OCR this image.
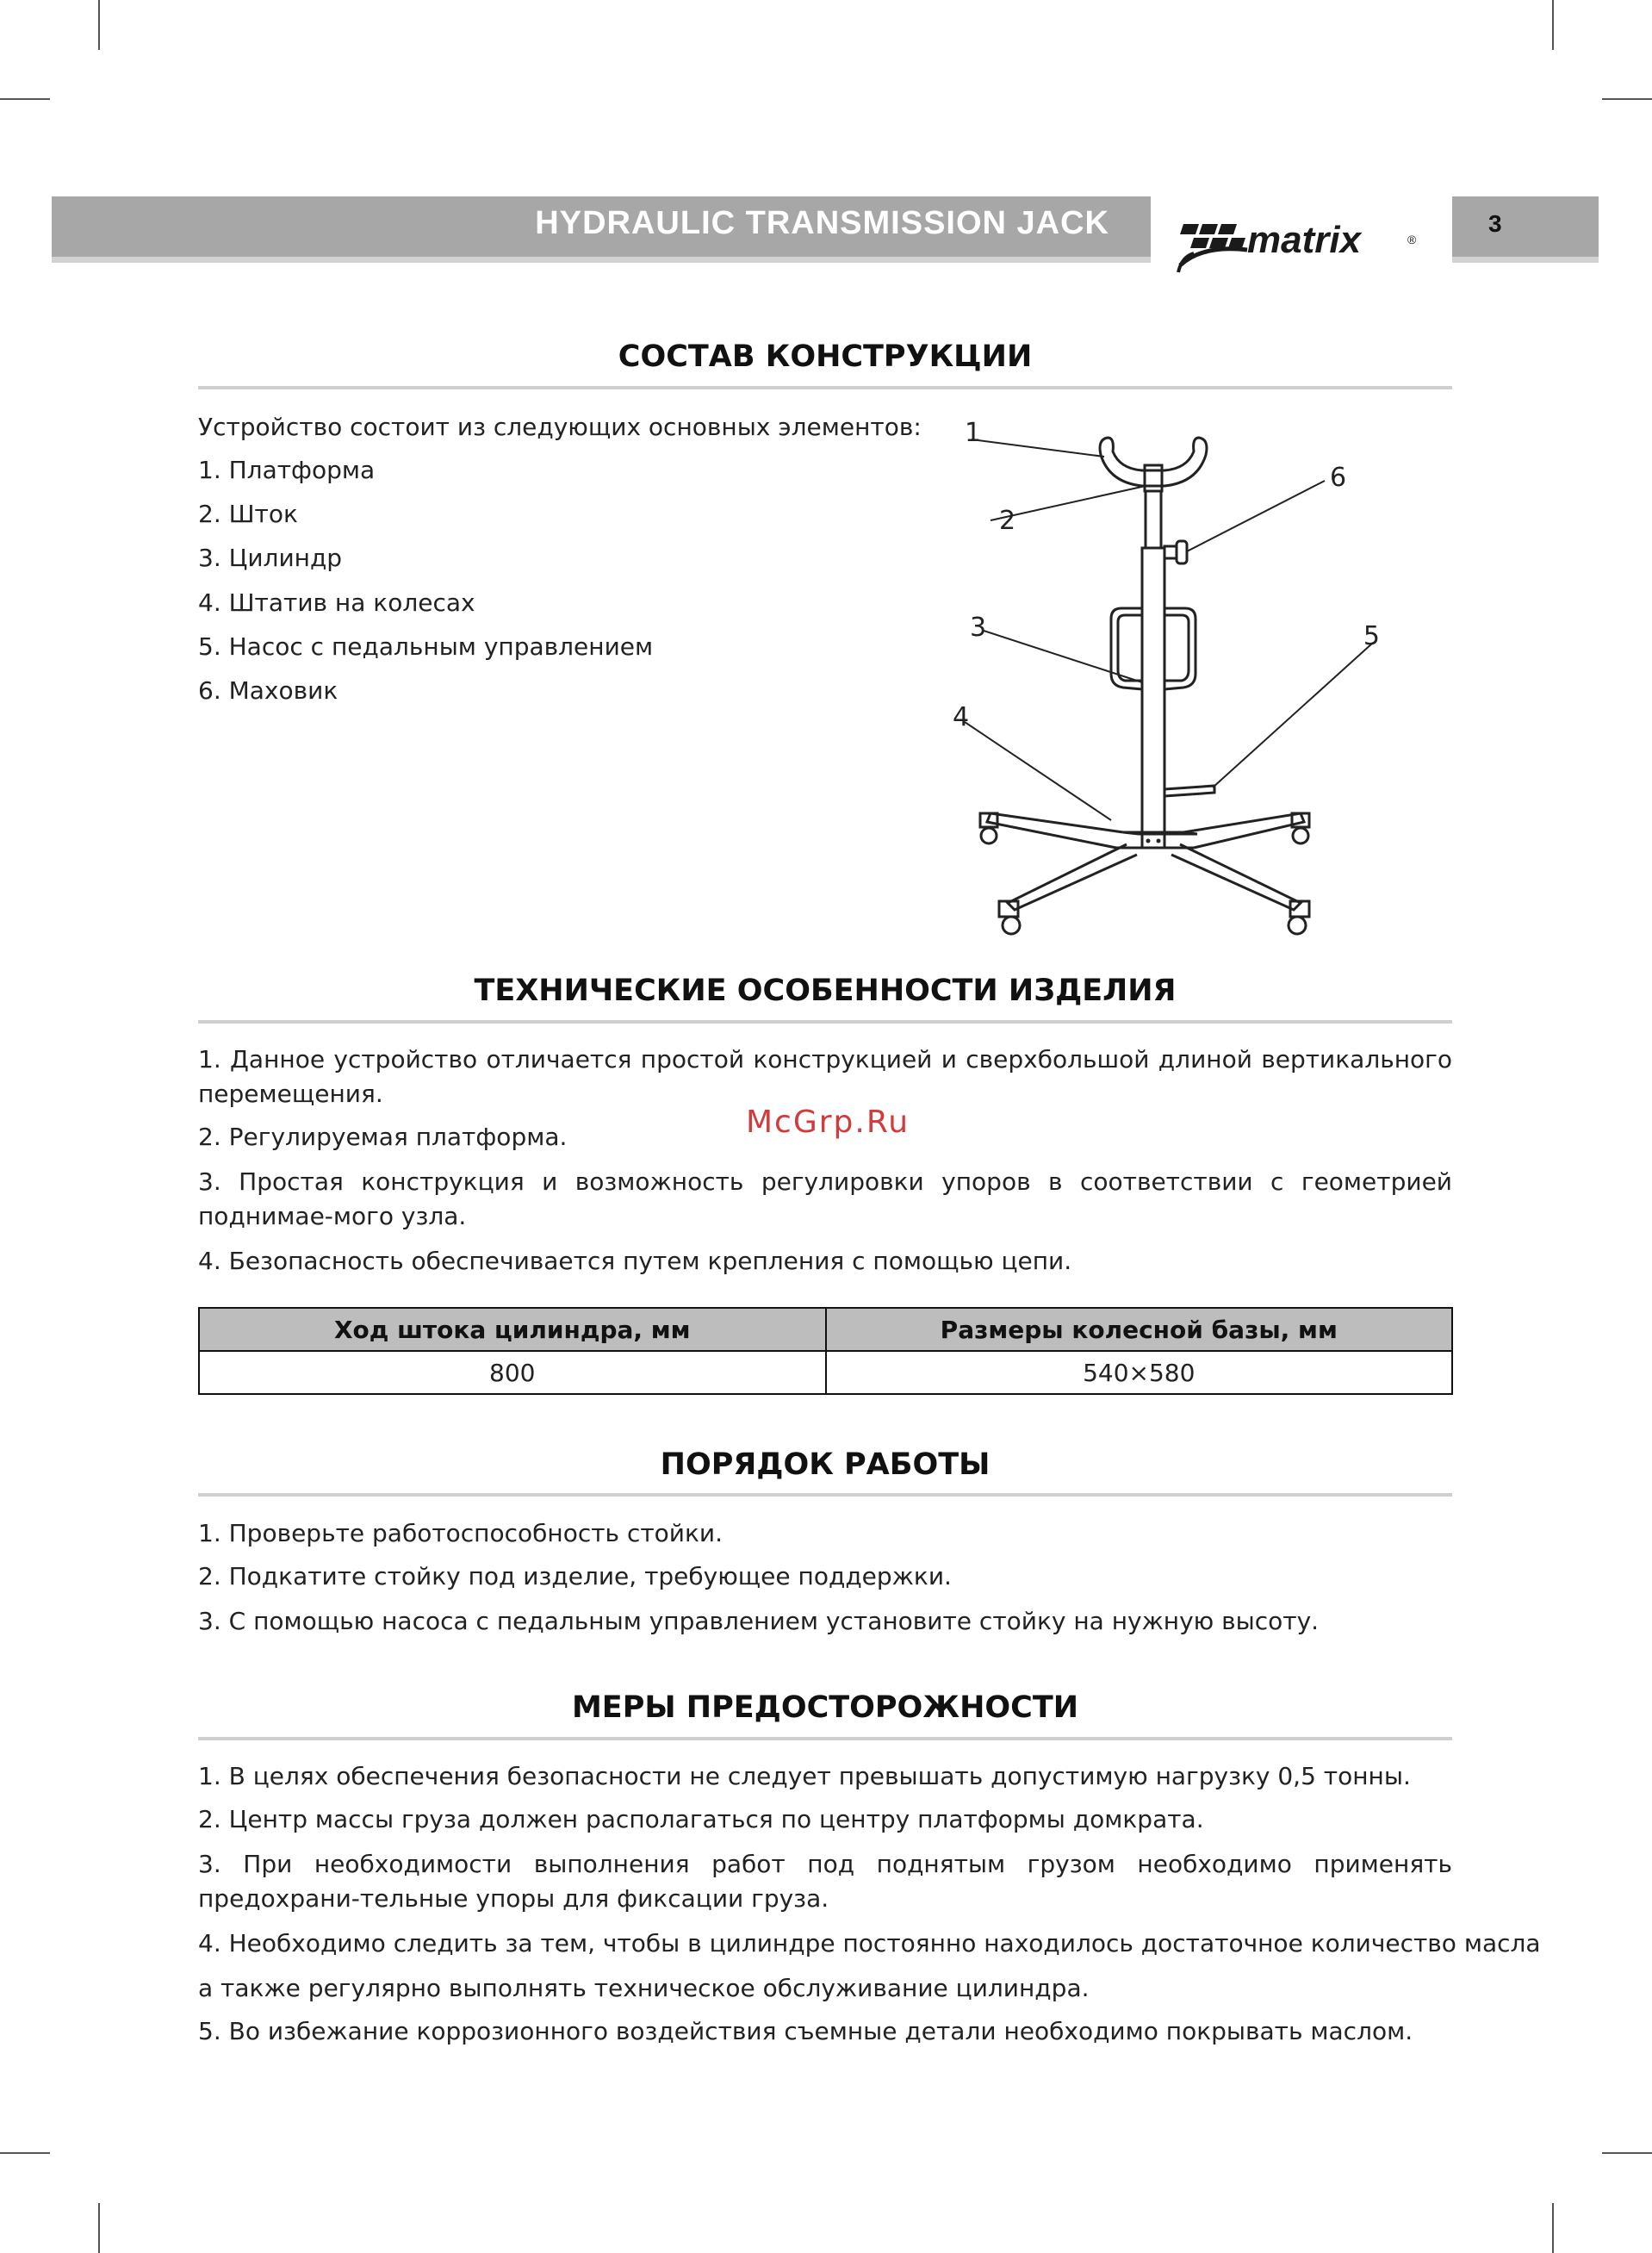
HYDRAULIC TRANSMISSION JACK	matrix	®
3
СОСТАВ КОНСТРУКЦИИ
Устройство состоит из следующих основных элементов:
1. Платформа
2. Шток
3. Цилиндр
4. Штатив на колесах
5. Насос с педальным управлением
6. Маховик
1
2
3
4
5
6
ТЕХНИЧЕСКИЕ ОСОБЕННОСТИ ИЗДЕЛИЯ
1. Данное устройство отличается простой конструкцией и сверхбольшой длиной вертикального перемещения.
2. Регулируемая платформа.
3. Простая конструкция и возможность регулировки упоров в соответствии с геометрией поднимае-мого узла.
4. Безопасность обеспечивается путем крепления с помощью цепи.
McGrp.Ru
Ход штока цилиндра, мм	Размеры колесной базы, мм
800	540×580
ПОРЯДОК РАБОТЫ
1. Проверьте работоспособность стойки.
2. Подкатите стойку под изделие, требующее поддержки.
3. С помощью насоса с педальным управлением установите стойку на нужную высоту.
МЕРЫ ПРЕДОСТОРОЖНОСТИ
1. В целях обеспечения безопасности не следует превышать допустимую нагрузку 0,5 тонны.
2. Центр массы груза должен располагаться по центру платформы домкрата.
3. При необходимости выполнения работ под поднятым грузом необходимо применять предохрани-тельные упоры для фиксации груза.
4. Необходимо следить за тем, чтобы в цилиндре постоянно находилось достаточное количество масла
а также регулярно выполнять техническое обслуживание цилиндра.
5. Во избежание коррозионного воздействия съемные детали необходимо покрывать маслом.
